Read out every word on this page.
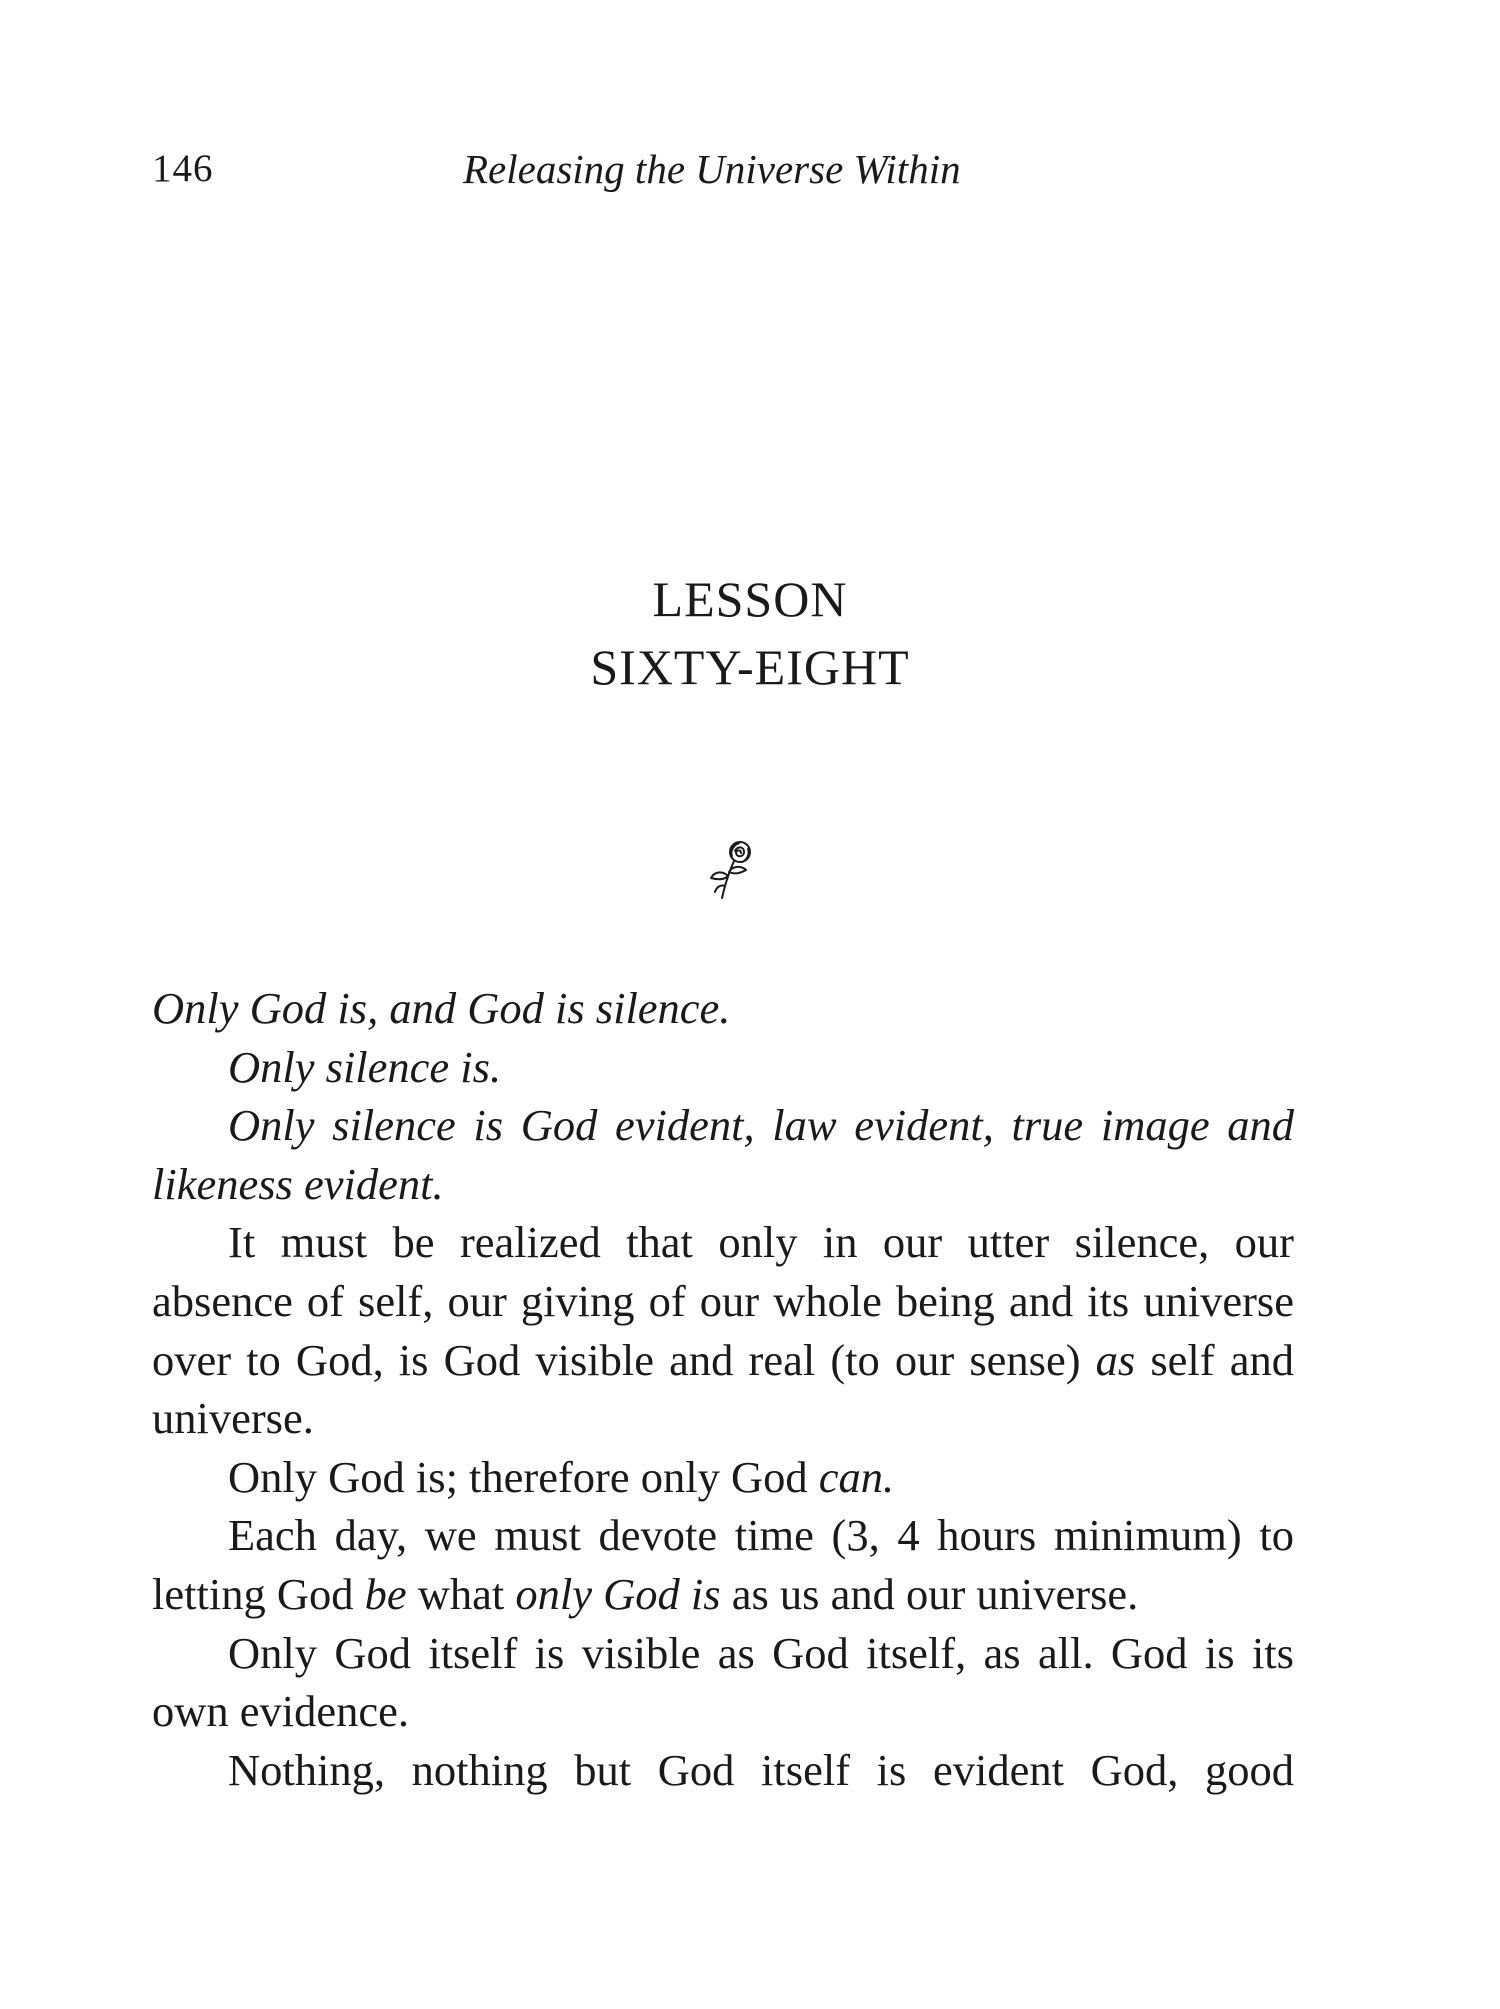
146	Releasing the Universe Within
LESSON
SIXTY-EIGHT

Only God is, and God is silence.

Only silence is.

Only silence is God evident, law evident, true image and likeness evident.

It must be realized that only in our utter silence, our absence of self, our giving of our whole being and its universe over to God, is God visible and real (to our sense) as self and universe.

Only God is; therefore only God can.

Each day, we must devote time (3, 4 hours minimum) to letting God be what only God is as us and our universe.

Only God itself is visible as God itself, as all. God is its own evidence.

Nothing, nothing but God itself is evident God, good
